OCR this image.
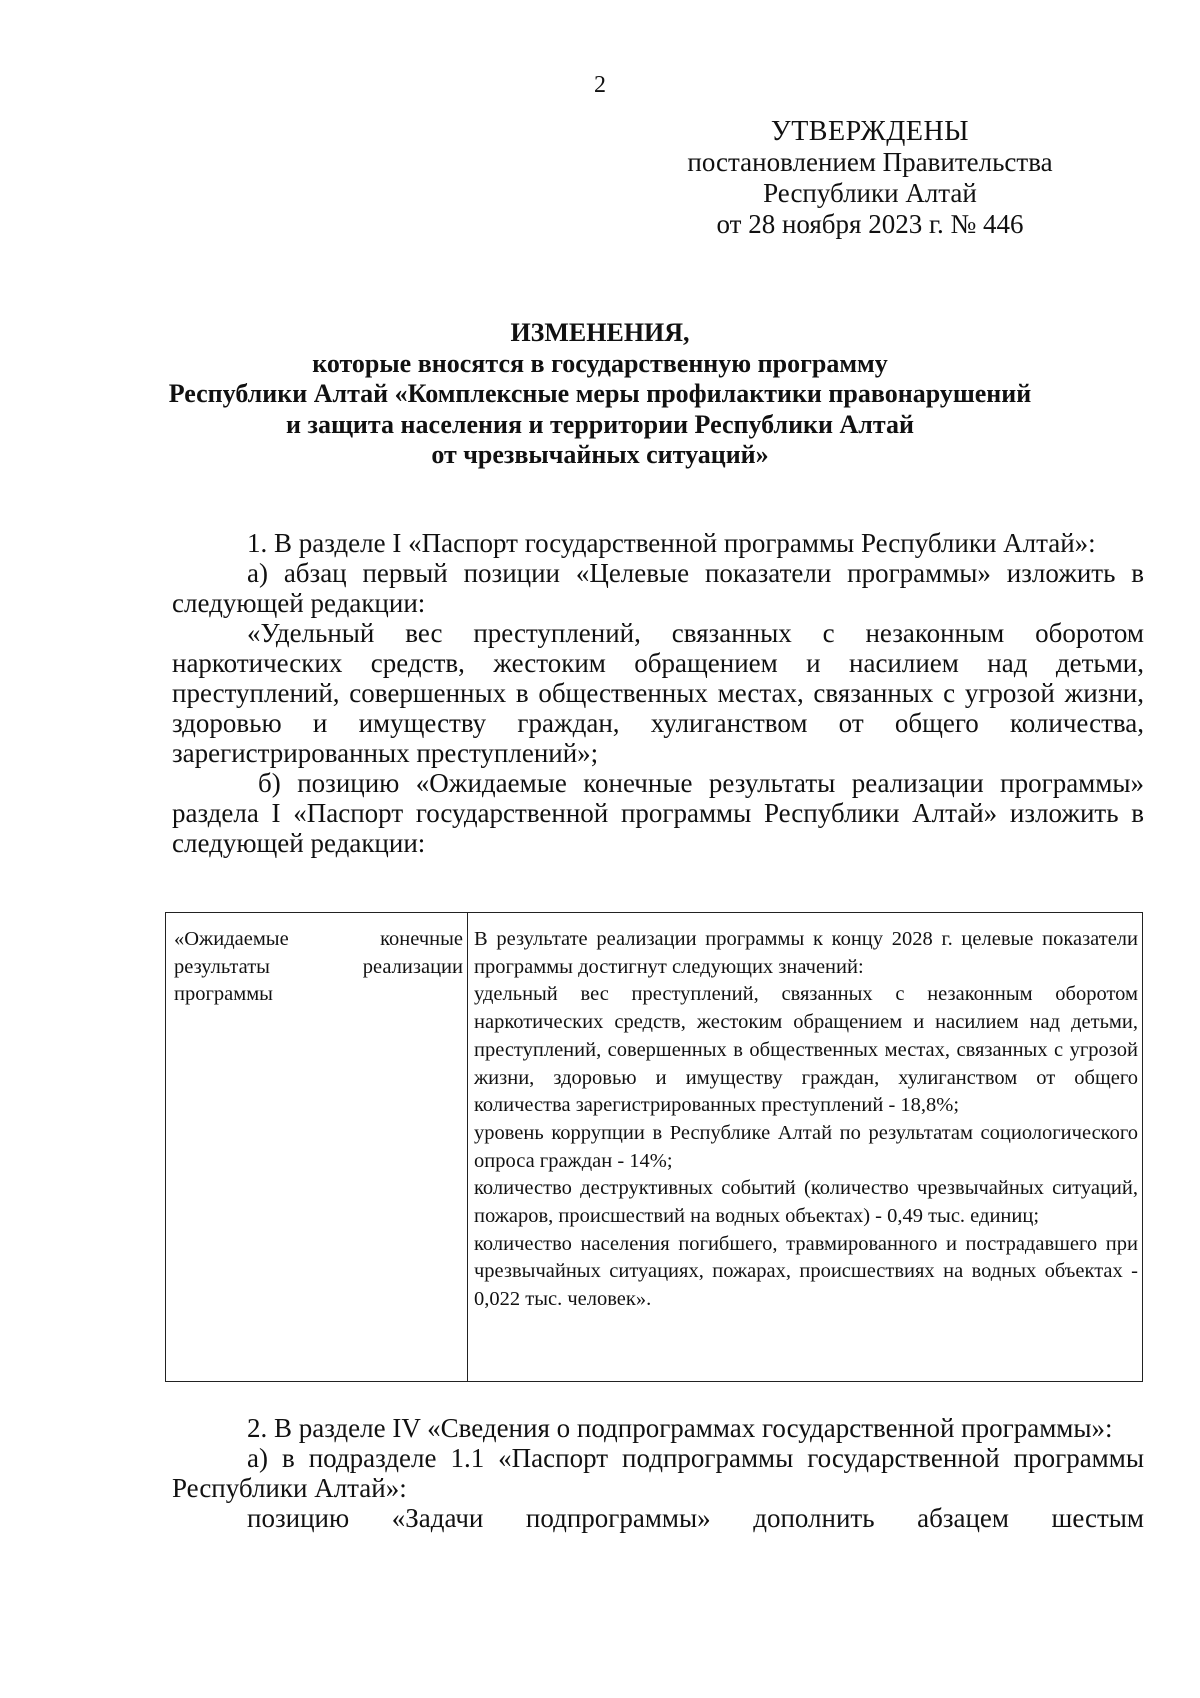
2
УТВЕРЖДЕНЫ
постановлением Правительства
Республики Алтай
от 28 ноября 2023 г. № 446
ИЗМЕНЕНИЯ,
которые вносятся в государственную программу
Республики Алтай «Комплексные меры профилактики правонарушений
и защита населения и территории Республики Алтай
от чрезвычайных ситуаций»
1. В разделе I «Паспорт государственной программы Республики Алтай»:
а) абзац первый позиции «Целевые показатели программы» изложить в следующей редакции:
«Удельный вес преступлений, связанных с незаконным оборотом наркотических средств, жестоким обращением и насилием над детьми, преступлений, совершенных в общественных местах, связанных с угрозой жизни, здоровью и имуществу граждан, хулиганством от общего количества, зарегистрированных преступлений»;
б) позицию «Ожидаемые конечные результаты реализации программы» раздела I «Паспорт государственной программы Республики Алтай» изложить в следующей редакции:
«Ожидаемые	конечные
результаты	реализации
программы
В результате реализации программы к концу 2028 г. целевые показатели программы достигнут следующих значений:
удельный вес преступлений, связанных с незаконным оборотом наркотических средств, жестоким обращением и насилием над детьми, преступлений, совершенных в общественных местах, связанных с угрозой жизни, здоровью и имуществу граждан, хулиганством от общего количества зарегистрированных преступлений - 18,8%;
уровень коррупции в Республике Алтай по результатам социологического опроса граждан - 14%;
количество деструктивных событий (количество чрезвычайных ситуаций, пожаров, происшествий на водных объектах) - 0,49 тыс. единиц;
количество населения погибшего, травмированного и пострадавшего при чрезвычайных ситуациях, пожарах, происшествиях на водных объектах - 0,022 тыс. человек».
2. В разделе IV «Сведения о подпрограммах государственной программы»:
а) в подразделе 1.1 «Паспорт подпрограммы государственной программы Республики Алтай»:
позицию «Задачи подпрограммы» дополнить абзацем шестым
